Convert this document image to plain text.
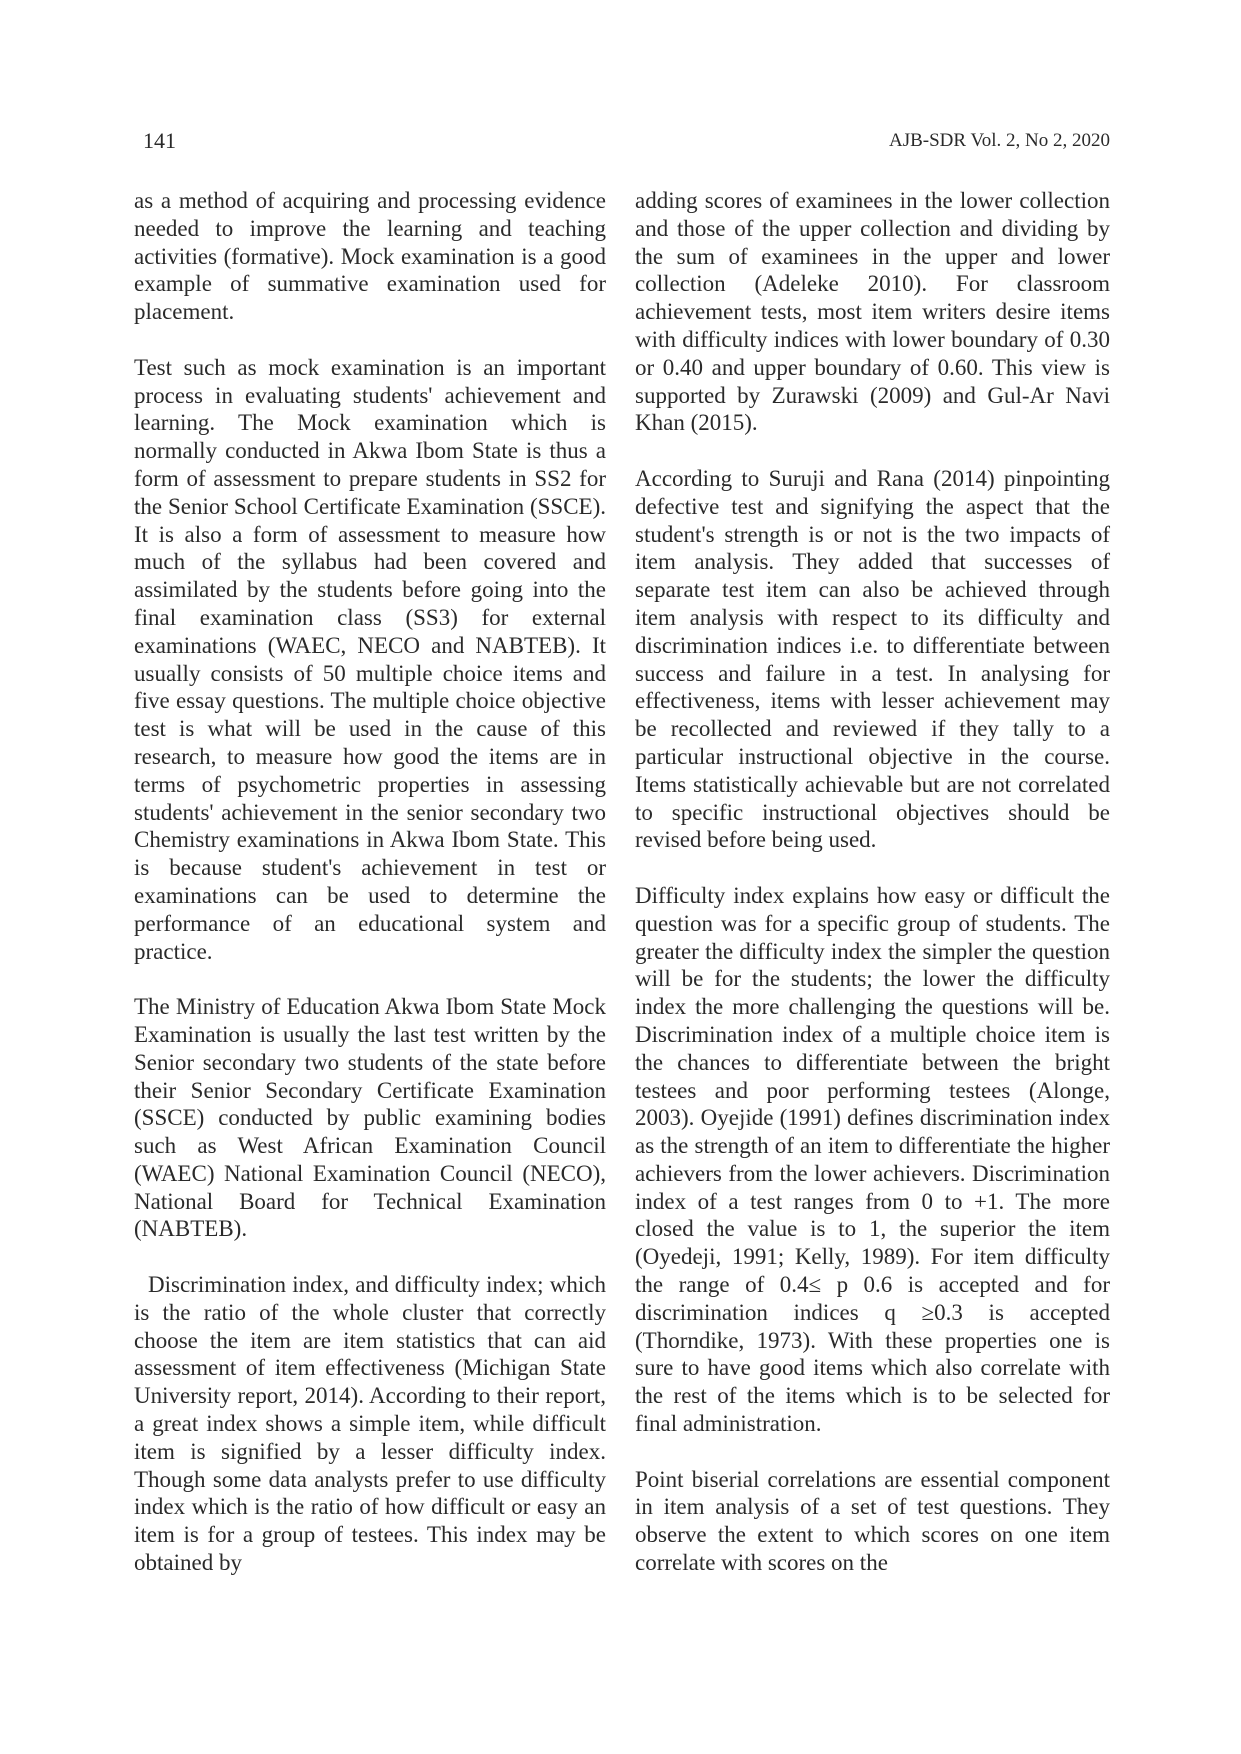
141	AJB-SDR Vol. 2, No 2, 2020

as a method of acquiring and processing evidence needed to improve the learning and teaching activities (formative). Mock examination is a good example of summative examination used for placement.

Test such as mock examination is an important process in evaluating students' achievement and learning. The Mock examination which is normally conducted in Akwa Ibom State is thus a form of assessment to prepare students in SS2 for the Senior School Certificate Examination (SSCE). It is also a form of assessment to measure how much of the syllabus had been covered and assimilated by the students before going into the final examination class (SS3) for external examinations (WAEC, NECO and NABTEB). It usually consists of 50 multiple choice items and five essay questions. The multiple choice objective test is what will be used in the cause of this research, to measure how good the items are in terms of psychometric properties in assessing students' achievement in the senior secondary two Chemistry examinations in Akwa Ibom State. This is because student's achievement in test or examinations can be used to determine the performance of an educational system and practice.

The Ministry of Education Akwa Ibom State Mock Examination is usually the last test written by the Senior secondary two students of the state before their Senior Secondary Certificate Examination (SSCE) conducted by public examining bodies such as West African Examination Council (WAEC) National Examination Council (NECO), National Board for Technical Examination (NABTEB).

Discrimination index, and difficulty index; which is the ratio of the whole cluster that correctly choose the item are item statistics that can aid assessment of item effectiveness (Michigan State University report, 2014). According to their report, a great index shows a simple item, while difficult item is signified by a lesser difficulty index. Though some data analysts prefer to use difficulty index which is the ratio of how difficult or easy an item is for a group of testees. This index may be obtained by

adding scores of examinees in the lower collection and those of the upper collection and dividing by the sum of examinees in the upper and lower collection (Adeleke 2010). For classroom achievement tests, most item writers desire items with difficulty indices with lower boundary of 0.30 or 0.40 and upper boundary of 0.60. This view is supported by Zurawski (2009) and Gul-Ar Navi Khan (2015).

According to Suruji and Rana (2014) pinpointing defective test and signifying the aspect that the student's strength is or not is the two impacts of item analysis. They added that successes of separate test item can also be achieved through item analysis with respect to its difficulty and discrimination indices i.e. to differentiate between success and failure in a test. In analysing for effectiveness, items with lesser achievement may be recollected and reviewed if they tally to a particular instructional objective in the course. Items statistically achievable but are not correlated to specific instructional objectives should be revised before being used.

Difficulty index explains how easy or difficult the question was for a specific group of students. The greater the difficulty index the simpler the question will be for the students; the lower the difficulty index the more challenging the questions will be. Discrimination index of a multiple choice item is the chances to differentiate between the bright testees and poor performing testees (Alonge, 2003). Oyejide (1991) defines discrimination index as the strength of an item to differentiate the higher achievers from the lower achievers. Discrimination index of a test ranges from 0 to +1. The more closed the value is to 1, the superior the item (Oyedeji, 1991; Kelly, 1989). For item difficulty the range of 0.4≤ p 0.6 is accepted and for discrimination indices q ≥0.3 is accepted (Thorndike, 1973). With these properties one is sure to have good items which also correlate with the rest of the items which is to be selected for final administration.

Point biserial correlations are essential component in item analysis of a set of test questions. They observe the extent to which scores on one item correlate with scores on the
